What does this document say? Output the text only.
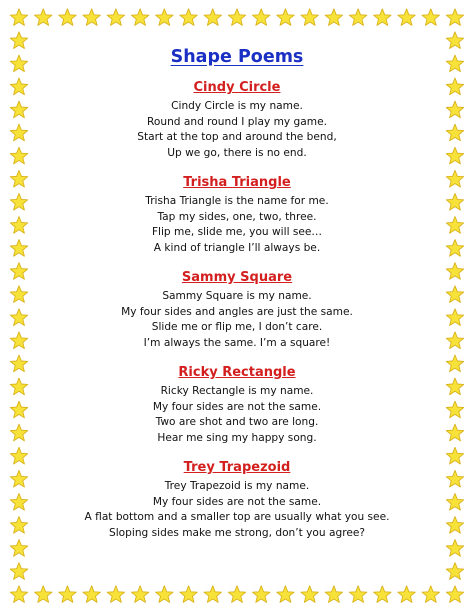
Shape Poems
Cindy Circle
Cindy Circle is my name.
Round and round I play my game.
Start at the top and around the bend,
Up we go, there is no end.
Trisha Triangle
Trisha Triangle is the name for me.
Tap my sides, one, two, three.
Flip me, slide me, you will see…
A kind of triangle I’ll always be.
Sammy Square
Sammy Square is my name.
My four sides and angles are just the same.
Slide me or flip me, I don’t care.
I’m always the same. I’m a square!
Ricky Rectangle
Ricky Rectangle is my name.
My four sides are not the same.
Two are shot and two are long.
Hear me sing my happy song.
Trey Trapezoid
Trey Trapezoid is my name.
My four sides are not the same.
A flat bottom and a smaller top are usually what you see.
Sloping sides make me strong, don’t you agree?
